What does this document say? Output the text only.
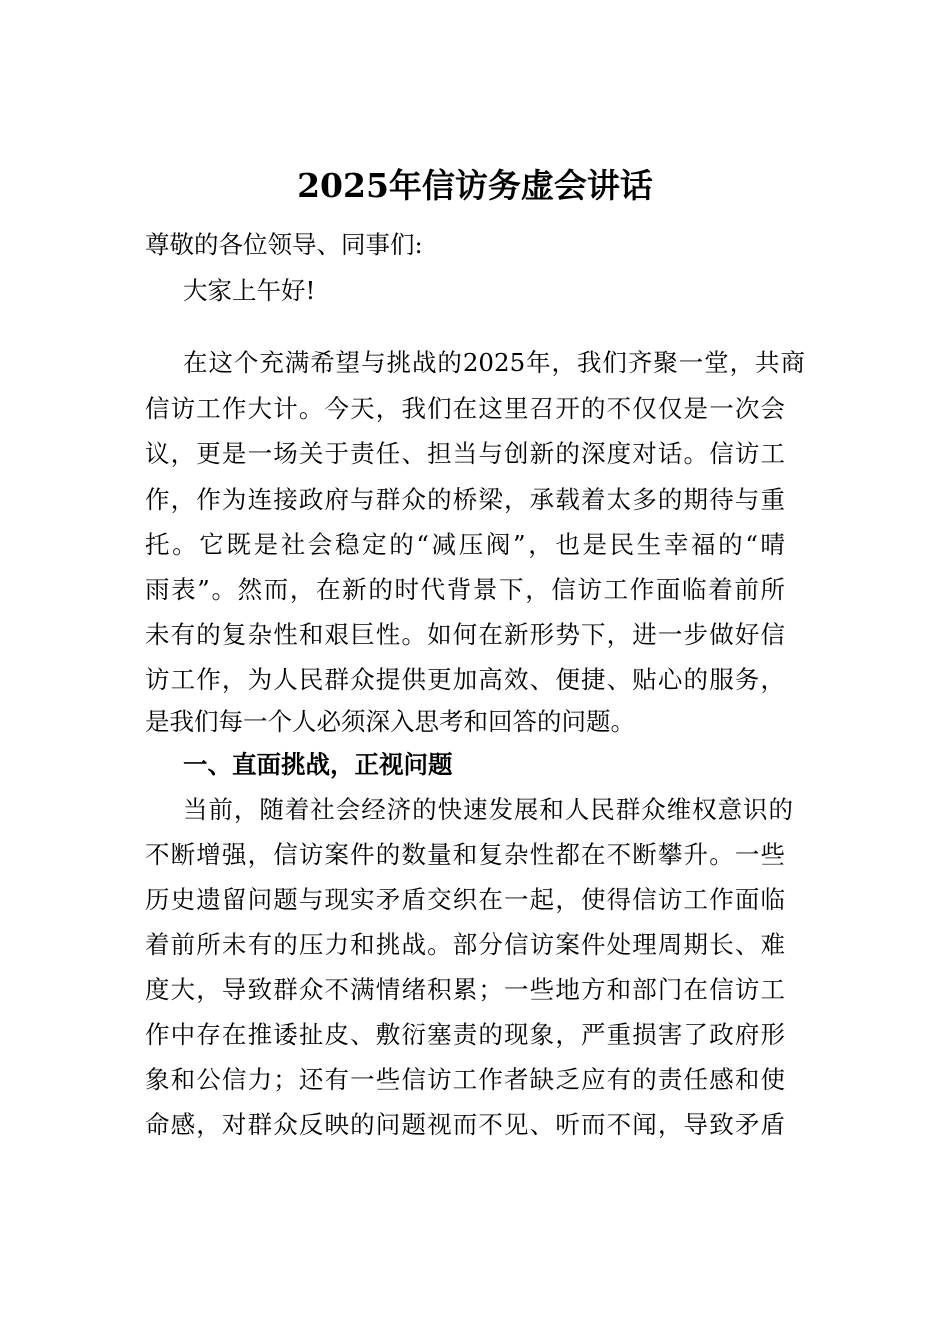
2025年信访务虚会讲话
尊敬的各位领导、同事们:
大家上午好!
在这个充满希望与挑战的2025年，我们齐聚一堂，共商
信访工作大计。今天，我们在这里召开的不仅仅是一次会
议，更是一场关于责任、担当与创新的深度对话。信访工
作，作为连接政府与群众的桥梁，承载着太多的期待与重
托。它既是社会稳定的“减压阀”，也是民生幸福的“晴
雨表”。然而，在新的时代背景下，信访工作面临着前所
未有的复杂性和艰巨性。如何在新形势下，进一步做好信
访工作，为人民群众提供更加高效、便捷、贴心的服务，
是我们每一个人必须深入思考和回答的问题。
一、直面挑战，正视问题
当前，随着社会经济的快速发展和人民群众维权意识的
不断增强，信访案件的数量和复杂性都在不断攀升。一些
历史遗留问题与现实矛盾交织在一起，使得信访工作面临
着前所未有的压力和挑战。部分信访案件处理周期长、难
度大，导致群众不满情绪积累；一些地方和部门在信访工
作中存在推诿扯皮、敷衍塞责的现象，严重损害了政府形
象和公信力；还有一些信访工作者缺乏应有的责任感和使
命感，对群众反映的问题视而不见、听而不闻，导致矛盾
